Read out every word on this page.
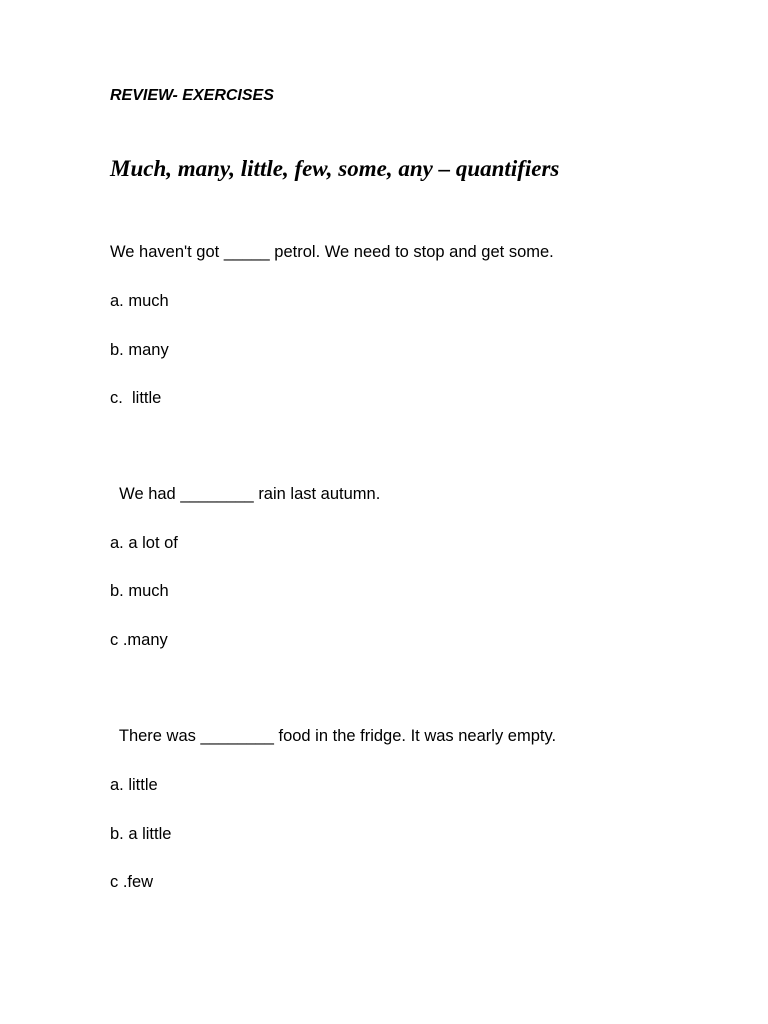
REVIEW- EXERCISES
Much, many, little, few, some, any – quantifiers
We haven't got _____ petrol. We need to stop and get some.
a. much
b. many
c.  little
We had ________ rain last autumn.
a. a lot of
b. much
c .many
There was ________ food in the fridge. It was nearly empty.
a. little
b. a little
c .few
